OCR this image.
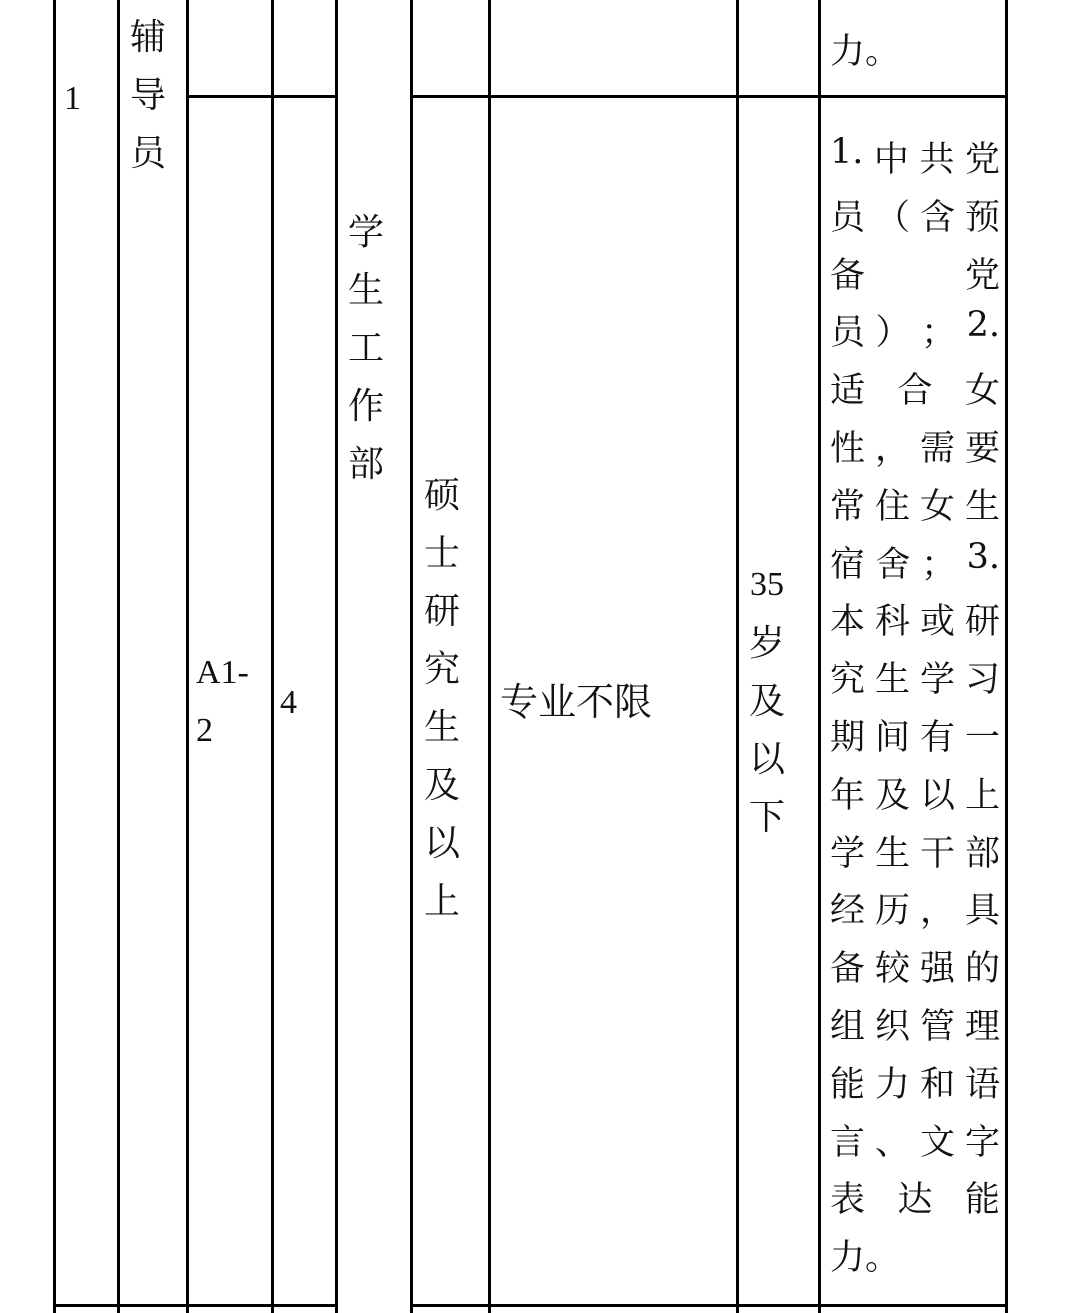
1
辅
导
员
A1-
2
4
学
生
工
作
部
硕
士
研
究
生
及
以
上
专业不限
35
岁
及
以
下
力。
1. 中 共 党
员 （ 含 预
备	党
员 ） ； 2.
适 合 女
性 ， 需 要
常 住 女 生
宿 舍 ； 3.
本 科 或 研
究 生 学 习
期 间 有 一
年 及 以 上
学 生 干 部
经 历 ， 具
备 较 强 的
组 织 管 理
能 力 和 语
言 、 文 字
表 达 能
力。
